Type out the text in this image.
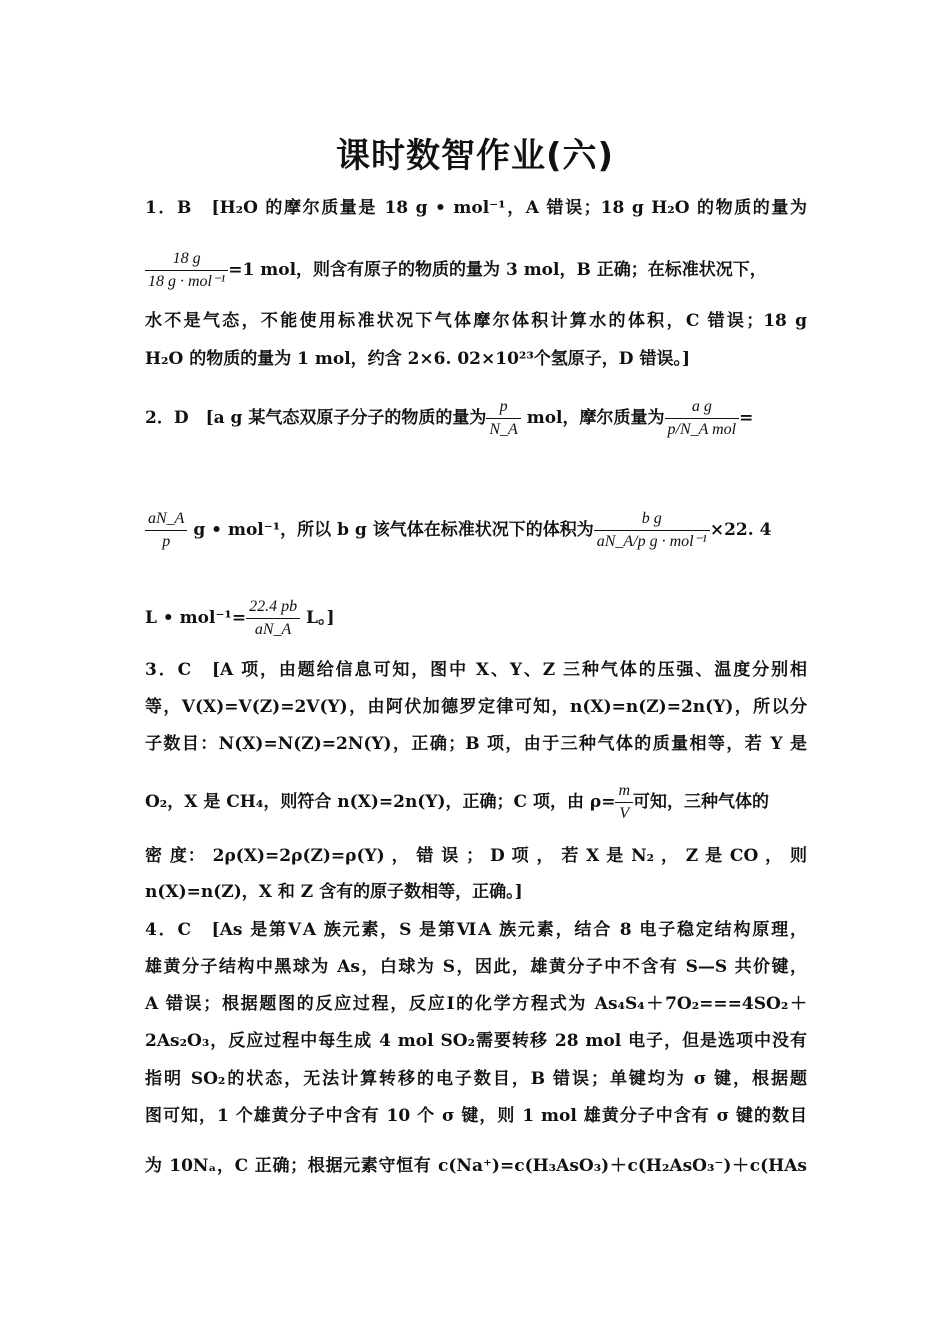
课时数智作业(六)
1．B　[H₂O 的摩尔质量是 18 g • mol⁻¹，A 错误；18 g H₂O 的物质的量为
$\frac{18 g}{\text{18 g · mol⁻¹}} =1$ mol，则含有原子的物质的量为 3 mol，B 正确；在标准状况下，
水不是气态，不能使用标准状况下气体摩尔体积计算水的体积，C 错误；18 g
H₂O 的物质的量为 1 mol，约含 2×6. 02×10²³个氢原子，D 错误。]
2．D　[a g 某气态双原子分子的物质的量为 $\frac{p}{N\_A}$ mol，摩尔质量为 $\frac{\text{a g}}{\text{p/N\_A mol}}$ =
$\frac{aN\_A}{p}$ g • mol⁻¹，所以 b g 该气体在标准状况下的体积为 $\frac{\text{b g}}{\text{aN\_A/p g · mol⁻¹}} \times 22$. 4
L • $mol^{-1}= \frac{22.4 pb}{aN\_A}$ L。]
3．C　[A 项，由题给信息可知，图中 X、Y、Z 三种气体的压强、温度分别相
等，V(X)=V(Z)=2V(Y)，由阿伏加德罗定律可知，n(X)=n(Z)=2n(Y)，所以分
子数目：N(X)=N(Z)=2N(Y)，正确；B 项，由于三种气体的质量相等，若 Y 是
O₂，X 是 CH₄，则符合 n(X)=2n(Y)，正确；C 项，由 $\rho= \frac{m}{V}$ 可知，三种气体的
密 度： 2ρ(X)=2ρ(Z)=ρ(Y) ， 错 误 ； D 项 ， 若 X 是 N₂ ， Z 是 CO ， 则
n(X)=n(Z)，X 和 Z 含有的原子数相等，正确。]
4．C　[As 是第ⅤA 族元素，S 是第ⅥA 族元素，结合 8 电子稳定结构原理，
雄黄分子结构中黑球为 As，白球为 S，因此，雄黄分子中不含有 S—S 共价键，
A 错误；根据题图的反应过程，反应Ⅰ的化学方程式为 As₄S₄＋7O₂===4SO₂＋
2As₂O₃，反应过程中每生成 4 mol SO₂需要转移 28 mol 电子，但是选项中没有
指明 SO₂的状态，无法计算转移的电子数目，B 错误；单键均为 σ 键，根据题
图可知，1 个雄黄分子中含有 10 个 σ 键，则 1 mol 雄黄分子中含有 σ 键的数目
为 10Nₐ，C 正确；根据元素守恒有 c(Na⁺)=c(H₃AsO₃)＋c(H₂AsO₃⁻)＋c(HAs
